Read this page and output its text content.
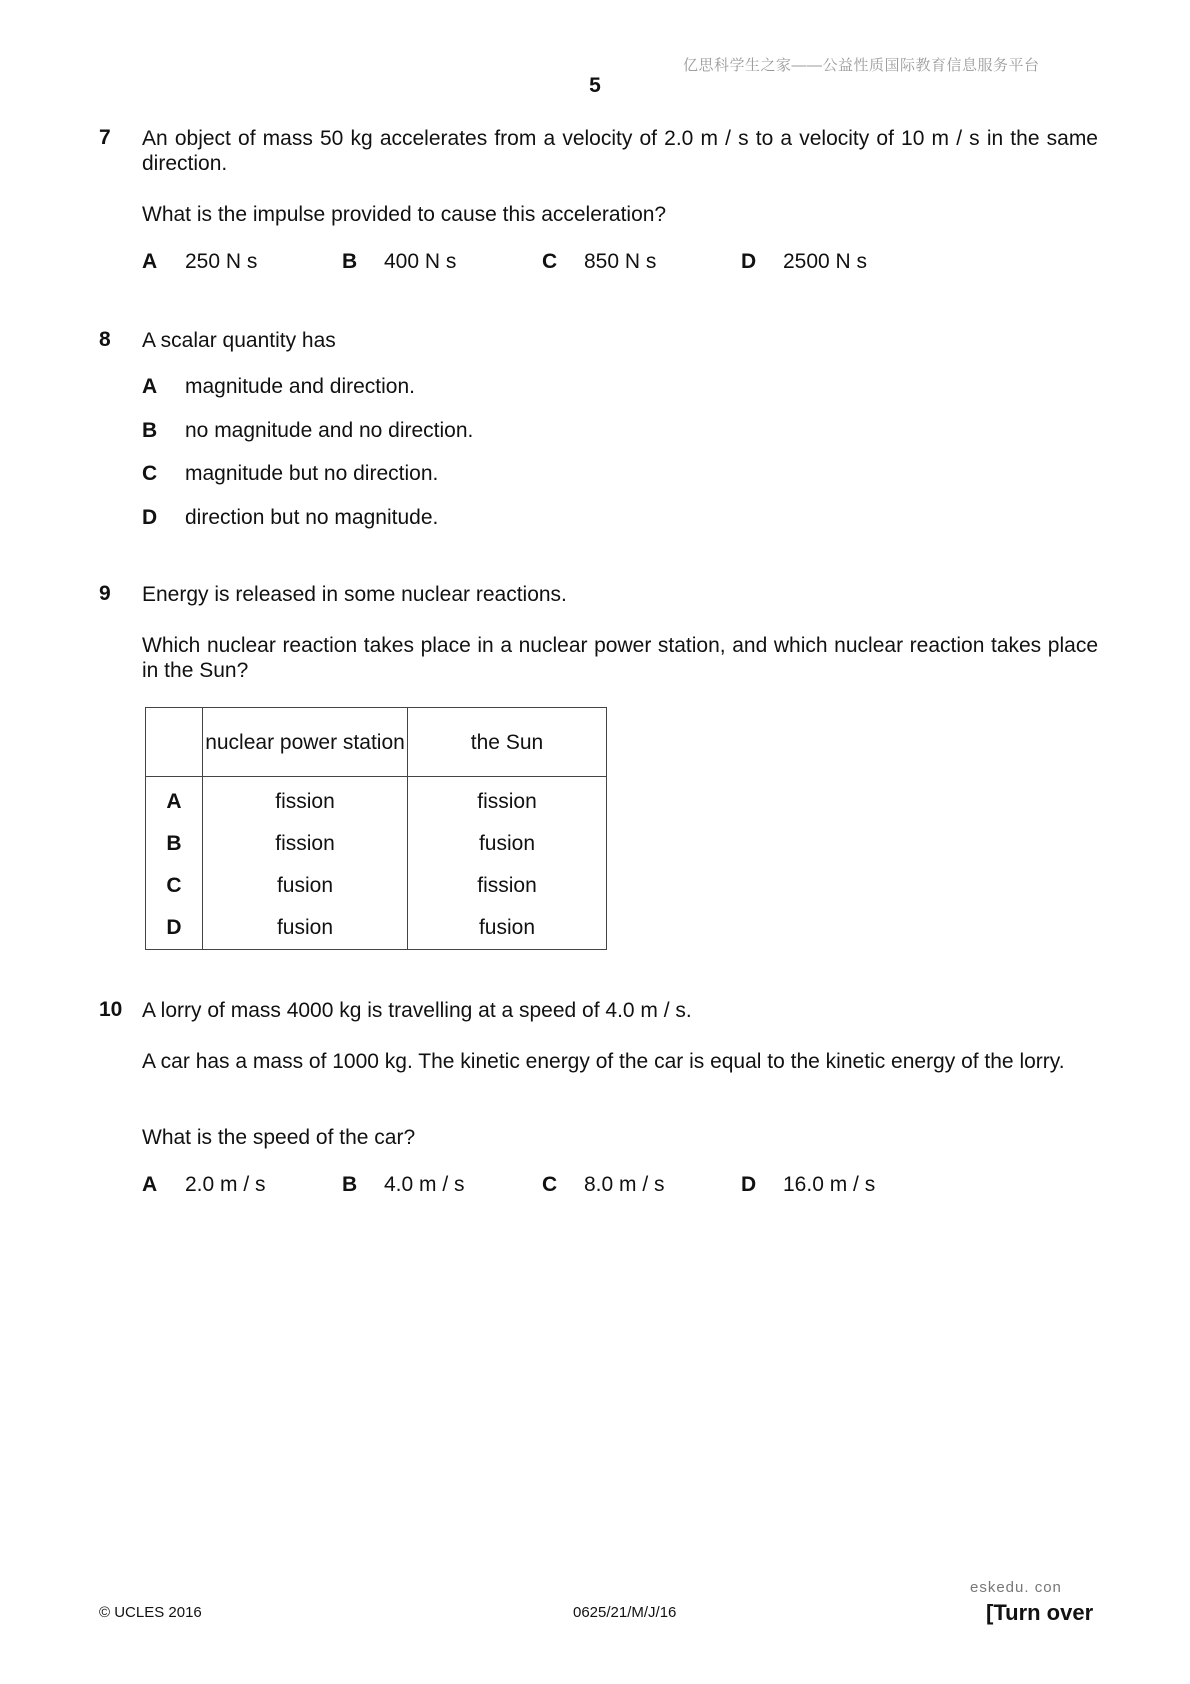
亿思科学生之家——公益性质国际教育信息服务平台
5
7 An object of mass 50 kg accelerates from a velocity of 2.0 m / s to a velocity of 10 m / s in the same direction.
What is the impulse provided to cause this acceleration?
A 250 N s	B 400 N s	C 850 N s	D 2500 N s
8 A scalar quantity has
A magnitude and direction.
B no magnitude and no direction.
C magnitude but no direction.
D direction but no magnitude.
9 Energy is released in some nuclear reactions.
Which nuclear reaction takes place in a nuclear power station, and which nuclear reaction takes place in the Sun?
	nuclear power station	the Sun
A	fission	fission
B	fission	fusion
C	fusion	fission
D	fusion	fusion
10 A lorry of mass 4000 kg is travelling at a speed of 4.0 m / s.
A car has a mass of 1000 kg. The kinetic energy of the car is equal to the kinetic energy of the lorry.
What is the speed of the car?
A 2.0 m / s	B 4.0 m / s	C 8.0 m / s	D 16.0 m / s
eskedu. con
© UCLES 2016	0625/21/M/J/16	[Turn over
